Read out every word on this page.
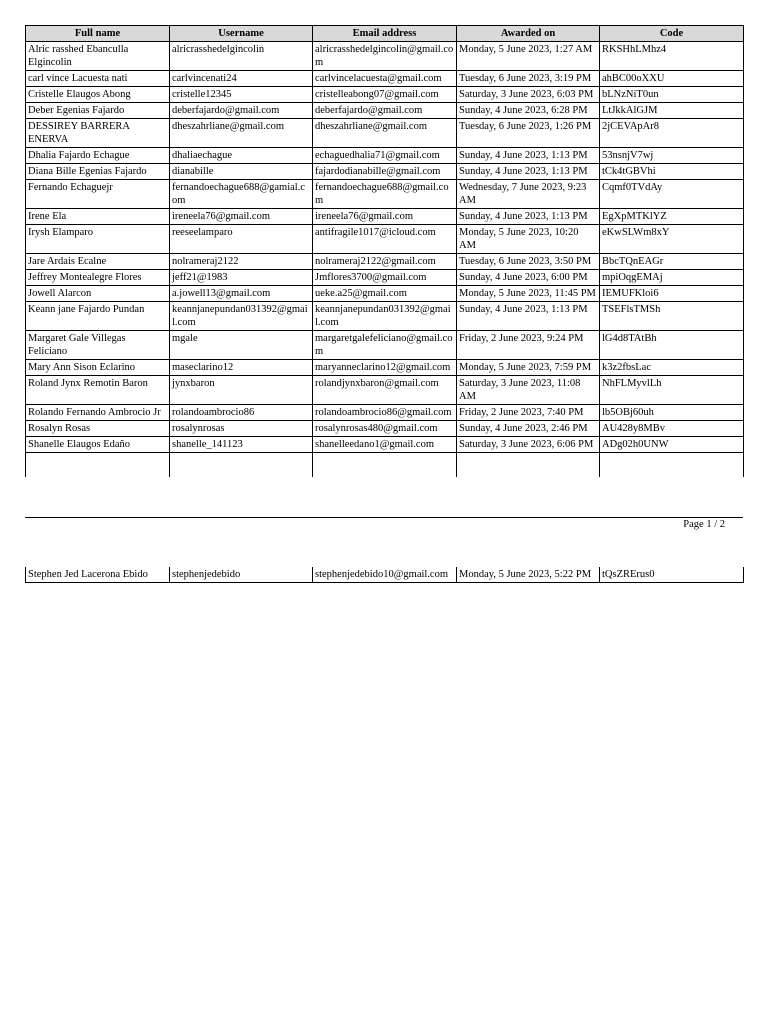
Full name	Username	Email address	Awarded on	Code
Alric rasshed Ebanculla Elgincolin	alricrasshedelgincolin	alricrasshedelgincolin@gmail.com	Monday, 5 June 2023, 1:27 AM	RKSHhLMhz4
carl vince Lacuesta nati	carlvincenati24	carlvincelacuesta@gmail.com	Tuesday, 6 June 2023, 3:19 PM	ahBC00oXXU
Cristelle Elaugos Abong	cristelle12345	cristelleabong07@gmail.com	Saturday, 3 June 2023, 6:03 PM	bLNzNiT0un
Deber Egenias Fajardo	deberfajardo@gmail.com	deberfajardo@gmail.com	Sunday, 4 June 2023, 6:28 PM	LtJkkAlGJM
DESSIREY BARRERA ENERVA	dheszahrliane@gmail.com	dheszahrliane@gmail.com	Tuesday, 6 June 2023, 1:26 PM	2jCEVApAr8
Dhalia Fajardo Echague	dhaliaechague	echaguedhalia71@gmail.com	Sunday, 4 June 2023, 1:13 PM	53nsnjV7wj
Diana Bille Egenias Fajardo	dianabille	fajardodianabille@gmail.com	Sunday, 4 June 2023, 1:13 PM	tCk4tGBVhi
Fernando Echaguejr	fernandoechague688@gamial.com	fernandoechague688@gmail.com	Wednesday, 7 June 2023, 9:23 AM	Cqmf0TVdAy
Irene Ela	ireneela76@gmail.com	ireneela76@gmail.com	Sunday, 4 June 2023, 1:13 PM	EgXpMTKlYZ
Irysh Elamparo	reeseelamparo	antifragile1017@icloud.com	Monday, 5 June 2023, 10:20 AM	eKwSLWm8xY
Jare Ardais Ecalne	nolrameraj2122	nolrameraj2122@gmail.com	Tuesday, 6 June 2023, 3:50 PM	BbcTQnEAGr
Jeffrey Montealegre Flores	jeff21@1983	Jmflores3700@gmail.com	Sunday, 4 June 2023, 6:00 PM	mpiOqgEMAj
Jowell Alarcon	a.jowell13@gmail.com	ueke.a25@gmail.com	Monday, 5 June 2023, 11:45 PM	IEMUFKloi6
Keann jane Fajardo Pundan	keannjanepundan031392@gmail.com	keannjanepundan031392@gmail.com	Sunday, 4 June 2023, 1:13 PM	TSEFlsTMSh
Margaret Gale Villegas Feliciano	mgale	margaretgalefeliciano@gmail.com	Friday, 2 June 2023, 9:24 PM	lG4d8TAtBh
Mary Ann Sison Eclarino	maseclarino12	maryanneclarino12@gmail.com	Monday, 5 June 2023, 7:59 PM	k3z2fbsLac
Roland Jynx Remotin Baron	jynxbaron	rolandjynxbaron@gmail.com	Saturday, 3 June 2023, 11:08 AM	NhFLMyvlLh
Rolando Fernando Ambrocio Jr	rolandoambrocio86	rolandoambrocio86@gmail.com	Friday, 2 June 2023, 7:40 PM	lb5OBj60uh
Rosalyn Rosas	rosalynrosas	rosalynrosas480@gmail.com	Sunday, 4 June 2023, 2:46 PM	AU428y8MBv
Shanelle Elaugos Edaño	shanelle_141123	shanelleedano1@gmail.com	Saturday, 3 June 2023, 6:06 PM	ADg02h0UNW

Page 1 / 2
Stephen Jed Lacerona Ebido	stephenjedebido	stephenjedebido10@gmail.com	Monday, 5 June 2023, 5:22 PM	tQsZRErus0
